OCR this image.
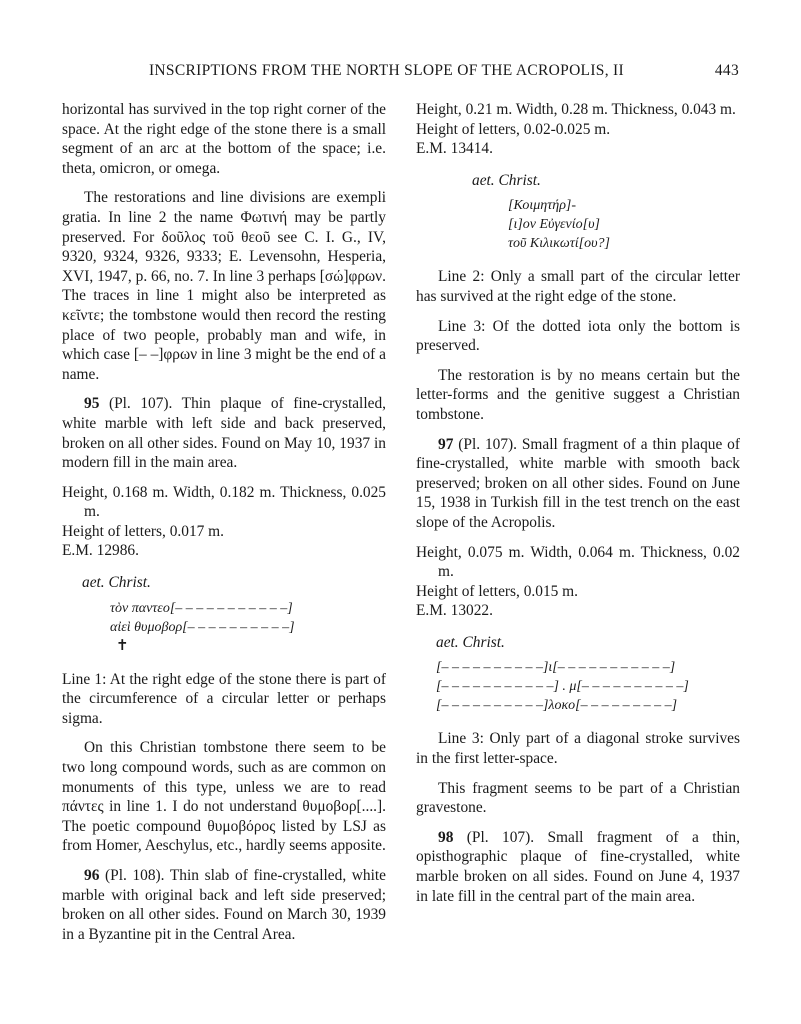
INSCRIPTIONS FROM THE NORTH SLOPE OF THE ACROPOLIS, II	443

horizontal has survived in the top right corner of the space. At the right edge of the stone there is a small segment of an arc at the bottom of the space; i.e. theta, omicron, or omega.

The restorations and line divisions are exempli gratia. In line 2 the name Φωτινή may be partly preserved. For δοῦλος τοῦ θεοῦ see C. I. G., IV, 9320, 9324, 9326, 9333; E. Levensohn, Hesperia, XVI, 1947, p. 66, no. 7. In line 3 perhaps [σώ]φρων. The traces in line 1 might also be interpreted as κεῖντε; the tombstone would then record the resting place of two people, probably man and wife, in which case [– –]φρων in line 3 might be the end of a name.

95 (Pl. 107). Thin plaque of fine-crystalled, white marble with left side and back preserved, broken on all other sides. Found on May 10, 1937 in modern fill in the main area.

Height, 0.168 m. Width, 0.182 m. Thickness, 0.025 m.
Height of letters, 0.017 m.
E.M. 12986.
aet. Christ.
τὸν παντεο[– – – – – – – – – – –]
αἰεὶ θυμοβορ[– – – – – – – – – –]
✝

Line 1: At the right edge of the stone there is part of the circumference of a circular letter or perhaps sigma.

On this Christian tombstone there seem to be two long compound words, such as are common on monuments of this type, unless we are to read πάντες in line 1. I do not understand θυμοβορ[....]. The poetic compound θυμοβόρος listed by LSJ as from Homer, Aeschylus, etc., hardly seems apposite.

96 (Pl. 108). Thin slab of fine-crystalled, white marble with original back and left side preserved; broken on all other sides. Found on March 30, 1939 in a Byzantine pit in the Central Area.

Height, 0.21 m. Width, 0.28 m. Thickness, 0.043 m.
Height of letters, 0.02-0.025 m.
E.M. 13414.
aet. Christ.
[Κοιμητήρ]-
[ι]ον Εὐγενίο[υ]
τοῦ Κιλικωτί[ου?]

Line 2: Only a small part of the circular letter has survived at the right edge of the stone.

Line 3: Of the dotted iota only the bottom is preserved.

The restoration is by no means certain but the letter-forms and the genitive suggest a Christian tombstone.

97 (Pl. 107). Small fragment of a thin plaque of fine-crystalled, white marble with smooth back preserved; broken on all other sides. Found on June 15, 1938 in Turkish fill in the test trench on the east slope of the Acropolis.

Height, 0.075 m. Width, 0.064 m. Thickness, 0.02 m.
Height of letters, 0.015 m.
E.M. 13022.
aet. Christ.
[– – – – – – – – – –]ι[– – – – – – – – – – –]
[– – – – – – – – – – –] . μ[– – – – – – – – – –]
[– – – – – – – – – –]λοκο[– – – – – – – – –]

Line 3: Only part of a diagonal stroke survives in the first letter-space.

This fragment seems to be part of a Christian gravestone.

98 (Pl. 107). Small fragment of a thin, opisthographic plaque of fine-crystalled, white marble broken on all sides. Found on June 4, 1937 in late fill in the central part of the main area.
